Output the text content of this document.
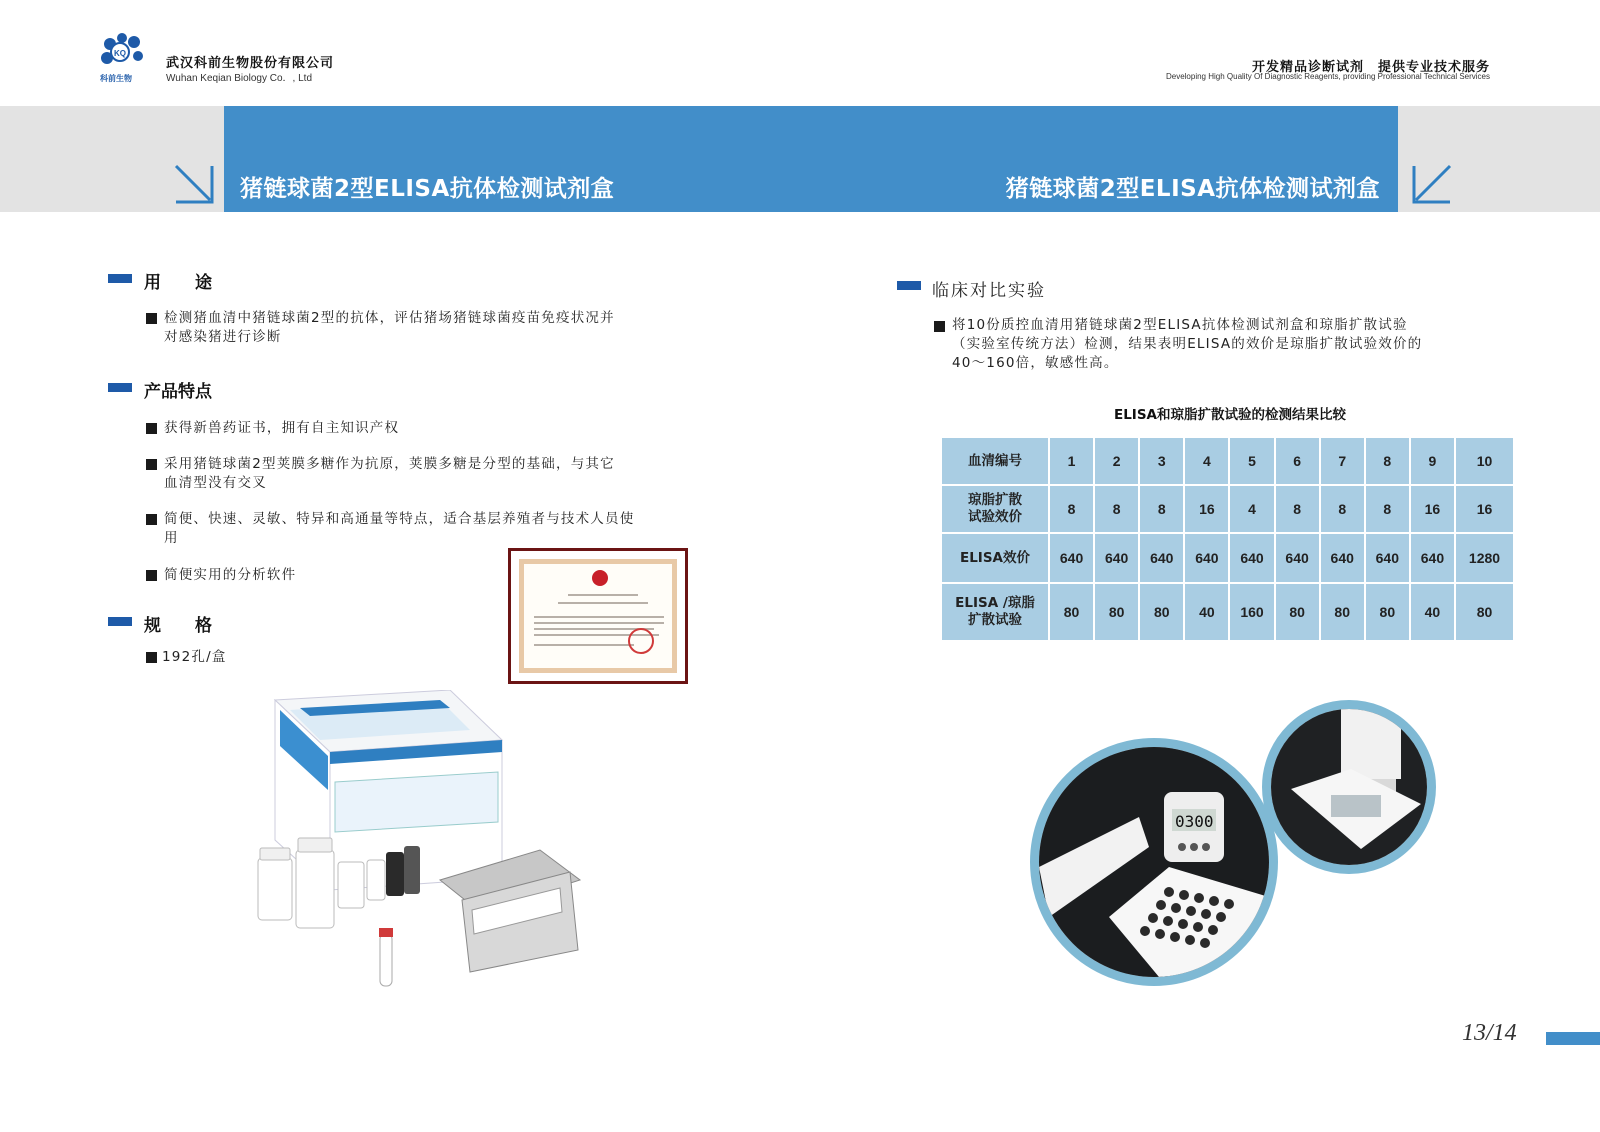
KQ
科前生物
武汉科前生物股份有限公司
Wuhan Keqian Biology Co．, Ltd
开发精品诊断试剂　提供专业技术服务
Developing High Quality Of Diagnostic Reagents, providing Professional Technical Services
猪链球菌2型ELISA抗体检测试剂盒	猪链球菌2型ELISA抗体检测试剂盒
用　　途
检测猪血清中猪链球菌2型的抗体，评估猪场猪链球菌疫苗免疫状况并对感染猪进行诊断
产品特点
获得新兽药证书，拥有自主知识产权
采用猪链球菌2型荚膜多糖作为抗原，荚膜多糖是分型的基础，与其它血清型没有交叉
简便、快速、灵敏、特异和高通量等特点，适合基层养殖者与技术人员使用
简便实用的分析软件
规　　格
192孔/盒
临床对比实验
将10份质控血清用猪链球菌2型ELISA抗体检测试剂盒和琼脂扩散试验（实验室传统方法）检测，结果表明ELISA的效价是琼脂扩散试验效价的40～160倍，敏感性高。
ELISA和琼脂扩散试验的检测结果比较
血清编号	1	2	3	4	5	6	7	8	9	10
琼脂扩散
试验效价	8	8	8	16	4	8	8	8	16	16
ELISA效价	640	640	640	640	640	640	640	640	640	1280
ELISA /琼脂
扩散试验	80	80	80	40	160	80	80	80	40	80
0300
13/14
